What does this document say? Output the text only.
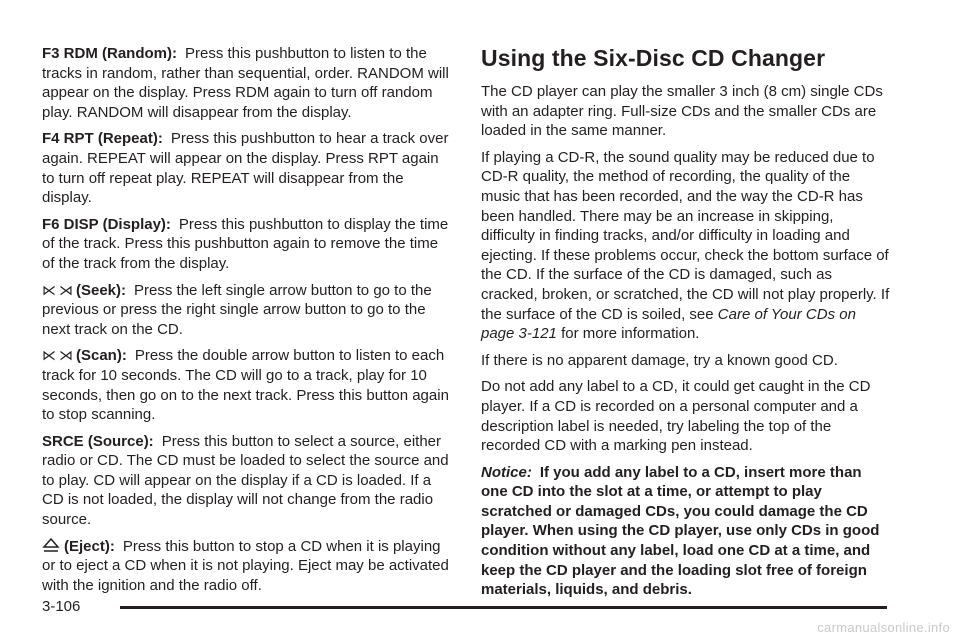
F3 RDM (Random): Press this pushbutton to listen to the tracks in random, rather than sequential, order. RANDOM will appear on the display. Press RDM again to turn off random play. RANDOM will disappear from the display.

F4 RPT (Repeat): Press this pushbutton to hear a track over again. REPEAT will appear on the display. Press RPT again to turn off repeat play. REPEAT will disappear from the display.

F6 DISP (Display): Press this pushbutton to display the time of the track. Press this pushbutton again to remove the time of the track from the display.

⋉ ⋊ (Seek): Press the left single arrow button to go to the previous or press the right single arrow button to go to the next track on the CD.

⋉ ⋊ (Scan): Press the double arrow button to listen to each track for 10 seconds. The CD will go to a track, play for 10 seconds, then go on to the next track. Press this button again to stop scanning.

SRCE (Source): Press this button to select a source, either radio or CD. The CD must be loaded to select the source and to play. CD will appear on the display if a CD is loaded. If a CD is not loaded, the display will not change from the radio source.

(Eject): Press this button to stop a CD when it is playing or to eject a CD when it is not playing. Eject may be activated with the ignition and the radio off.

Using the Six-Disc CD Changer

The CD player can play the smaller 3 inch (8 cm) single CDs with an adapter ring. Full-size CDs and the smaller CDs are loaded in the same manner.

If playing a CD-R, the sound quality may be reduced due to CD-R quality, the method of recording, the quality of the music that has been recorded, and the way the CD-R has been handled. There may be an increase in skipping, difficulty in finding tracks, and/or difficulty in loading and ejecting. If these problems occur, check the bottom surface of the CD. If the surface of the CD is damaged, such as cracked, broken, or scratched, the CD will not play properly. If the surface of the CD is soiled, see Care of Your CDs on page 3-121 for more information.

If there is no apparent damage, try a known good CD.

Do not add any label to a CD, it could get caught in the CD player. If a CD is recorded on a personal computer and a description label is needed, try labeling the top of the recorded CD with a marking pen instead.

Notice: If you add any label to a CD, insert more than one CD into the slot at a time, or attempt to play scratched or damaged CDs, you could damage the CD player. When using the CD player, use only CDs in good condition without any label, load one CD at a time, and keep the CD player and the loading slot free of foreign materials, liquids, and debris.

3-106
carmanualsonline.info
